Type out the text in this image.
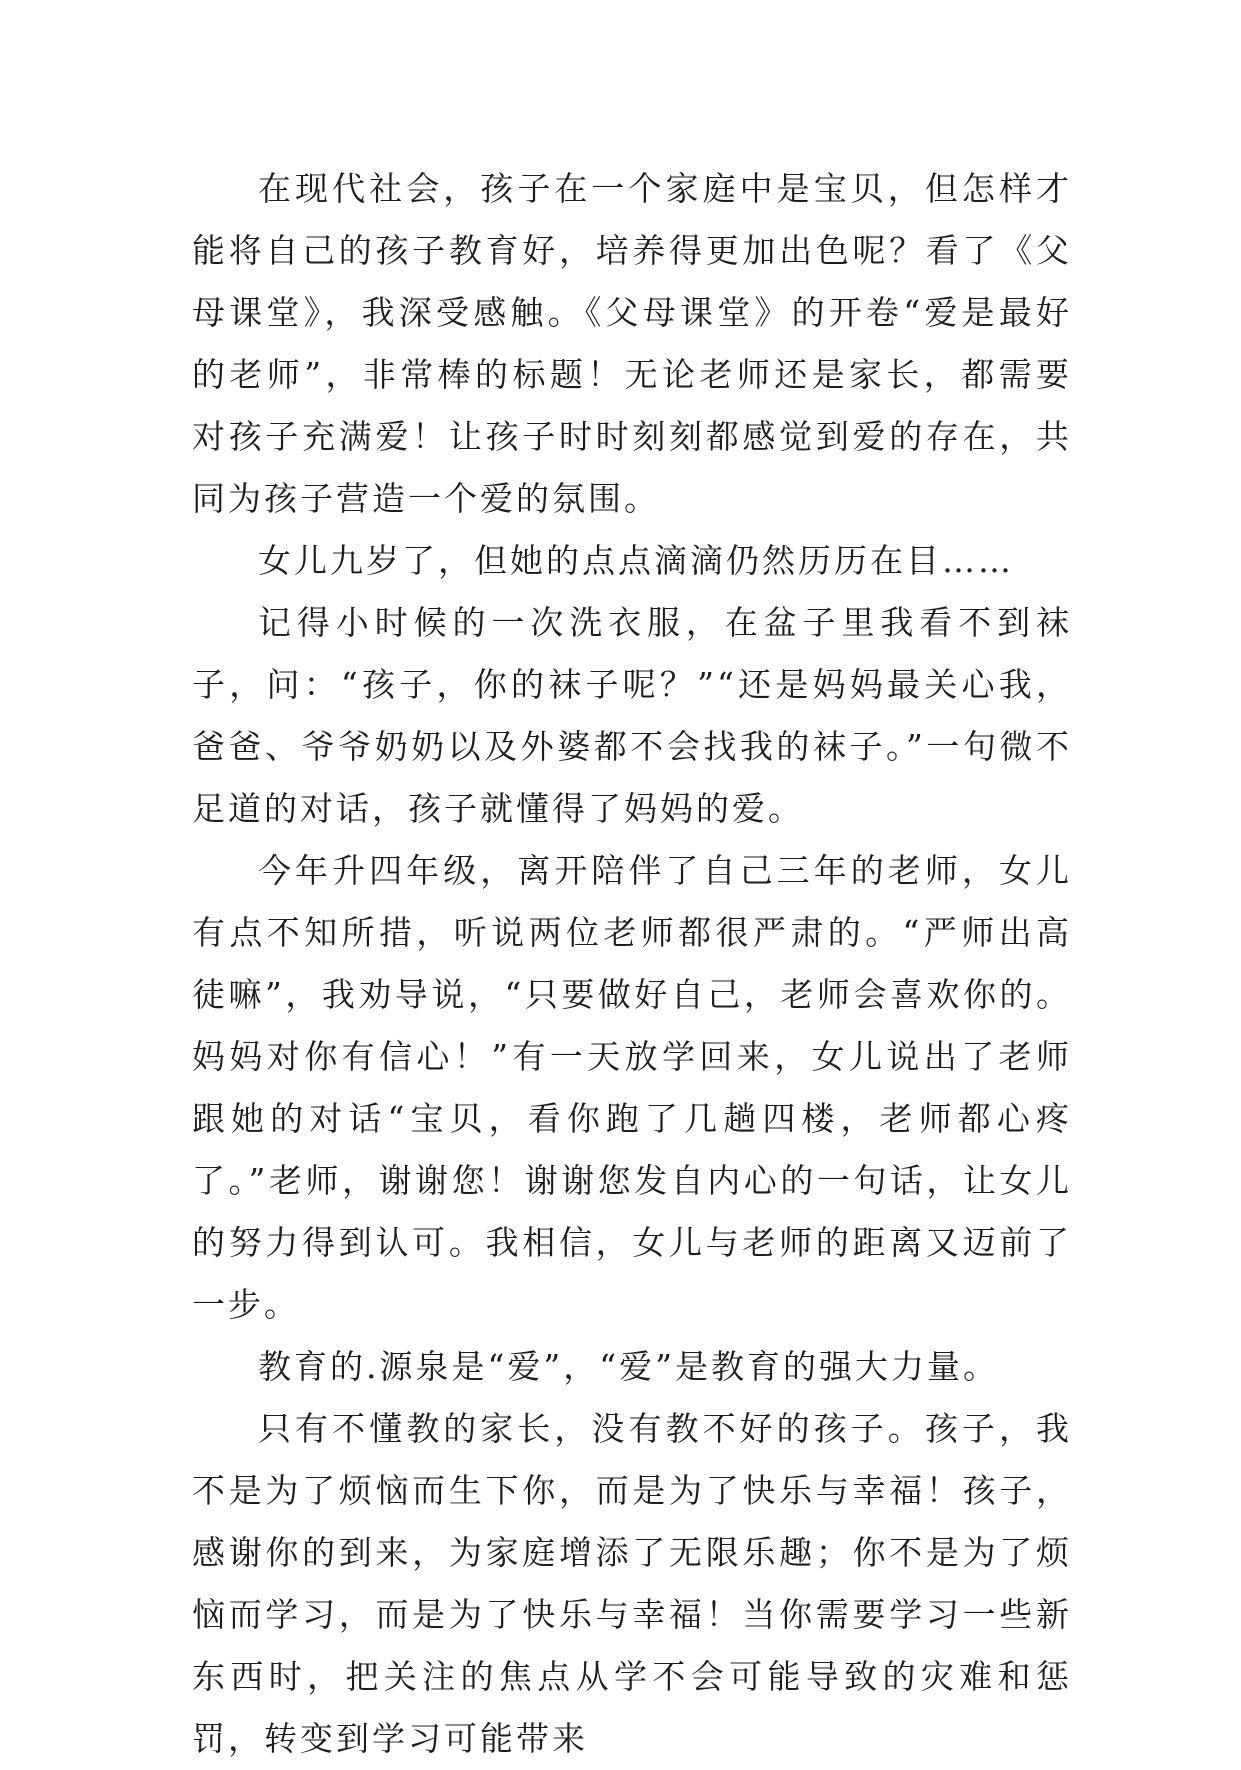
在现代社会，孩子在一个家庭中是宝贝，但怎样才能将自己的孩子教育好，培养得更加出色呢？看了《父母课堂》，我深受感触。《父母课堂》的开卷“爱是最好的老师”，非常棒的标题！无论老师还是家长，都需要对孩子充满爱！让孩子时时刻刻都感觉到爱的存在，共同为孩子营造一个爱的氛围。

女儿九岁了，但她的点点滴滴仍然历历在目……

记得小时候的一次洗衣服，在盆子里我看不到袜子，问：“孩子，你的袜子呢？”“还是妈妈最关心我，爸爸、爷爷奶奶以及外婆都不会找我的袜子。”一句微不足道的对话，孩子就懂得了妈妈的爱。

今年升四年级，离开陪伴了自己三年的老师，女儿有点不知所措，听说两位老师都很严肃的。“严师出高徒嘛”，我劝导说，“只要做好自己，老师会喜欢你的。妈妈对你有信心！”有一天放学回来，女儿说出了老师跟她的对话“宝贝，看你跑了几趟四楼，老师都心疼了。”老师，谢谢您！谢谢您发自内心的一句话，让女儿的努力得到认可。我相信，女儿与老师的距离又迈前了一步。

教育的.源泉是“爱”，“爱”是教育的强大力量。

只有不懂教的家长，没有教不好的孩子。孩子，我不是为了烦恼而生下你，而是为了快乐与幸福！孩子，感谢你的到来，为家庭增添了无限乐趣；你不是为了烦恼而学习，而是为了快乐与幸福！当你需要学习一些新东西时，把关注的焦点从学不会可能导致的灾难和惩罚，转变到学习可能带来
